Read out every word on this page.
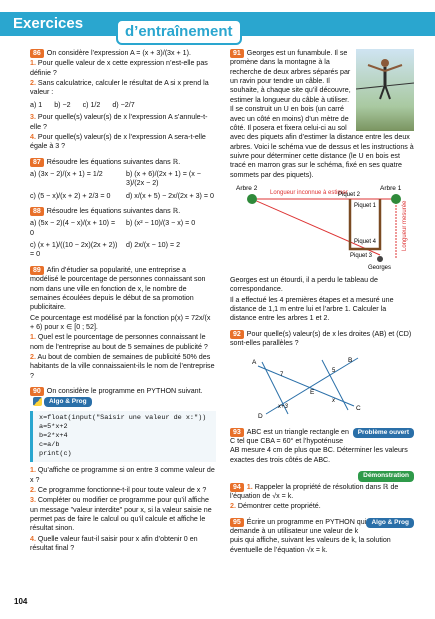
Exercices	d’entraînement
86 On considère l’expression A = (x + 3)/(3x + 1).
1. Pour quelle valeur de x cette expression n’est-elle pas définie ?
2. Sans calculatrice, calculer le résultat de A si x prend la valeur :
a) 1 b) −2 c) 1/2 d) −2/7
3. Pour quelle(s) valeur(s) de x l’expression A s’annule-t-elle ?
4. Pour quelle(s) valeur(s) de x l’expression A sera-t-elle égale à 3 ?
87 Résoudre les équations suivantes dans ℝ.
a) (3x − 2)/(x + 1) = 1/2	b) (x + 6)/(2x + 1) = (x − 3)/(2x − 2)
c) (5 − x)/(x + 2) + 2/3 = 0	d) x/(x + 5) − 2x/(2x + 3) = 0
88 Résoudre les équations suivantes dans ℝ.
a) (5x − 2)(4 − x)/(x + 10) = 0
b) (x² − 10)/(3 − x) = 0
c) (x + 1)/((10 − 2x)(2x + 2)) = 0
d) 2x/(x − 10) = 2
89 Afin d’étudier sa popularité, une entreprise a modélisé le pourcentage de personnes connaissant son nom dans une ville en fonction de x, le nombre de semaines écoulées depuis le début de sa promotion publicitaire.
Ce pourcentage est modélisé par la fonction p(x) = 72x/(x + 6) pour x ∈ [0 ; 52].
1. Quel est le pourcentage de personnes connaissant le nom de l’entreprise au bout de 5 semaines de publicité ?
2. Au bout de combien de semaines de publicité 50% des habitants de la ville connaissaient-ils le nom de l’entreprise ?
90 On considère le programme en PYTHON suivant.  Algo & Prog
x=float(input("Saisir une valeur de x:"))
a=5*x+2
b=2*x+4
c=a/b
print(c)
1. Qu’affiche ce programme si on entre 3 comme valeur de x ?
2. Ce programme fonctionne-t-il pour toute valeur de x ?
3. Compléter ou modifier ce programme pour qu’il affiche un message "valeur interdite" pour x, si la valeur saisie ne permet pas de faire le calcul ou qu’il calcule et affiche le résultat sinon.
4. Quelle valeur faut-il saisir pour x afin d’obtenir 0 en résultat final ?
91 Georges est un funambule. Il se promène dans la montagne à la recherche de deux arbres séparés par un ravin pour tendre un câble. Il souhaite, à chaque site qu’il découvre, estimer la longueur du câble à utiliser. Il se construit un U en bois (un carré avec un côté en moins) d’un mètre de côté. Il posera et fixera celui-ci au sol avec des piquets afin d’estimer la distance entre les deux arbres. Voici le schéma vue de dessus et les instructions à suivre pour déterminer cette distance (le U en bois est tracé en marron gras sur le schéma, fixé en ses quatre sommets par des piquets).
Arbre 2	Arbre 1
Longueur inconnue à estimer
Piquet 1
Piquet 2
Piquet 3
Piquet 4
Georges
Longueur mesurée
Georges est un étourdi, il a perdu le tableau de correspondance.
Il a effectué les 4 premières étapes et a mesuré une distance de 1,1 m entre lui et l’arbre 1. Calculer la distance entre les arbres 1 et 2.
92 Pour quelle(s) valeur(s) de x les droites (AB) et (CD) sont-elles parallèles ?
A	B
C
D
E
7
5
x
x+3
93	Problème ouvert
ABC est un triangle rectangle en C tel que CBA = 60° et l’hypoténuse AB mesure 4 cm de plus que BC. Déterminer les valeurs exactes des trois côtés de ABC.
Démonstration
94 1. Rappeler la propriété de résolution dans ℝ de l’équation de √x = k.
2. Démontrer cette propriété.
95	Algo & Prog
Écrire un programme en PYTHON qui demande à un utilisateur une valeur de k puis qui affiche, suivant les valeurs de k, la solution éventuelle de l’équation √x = k.
104
